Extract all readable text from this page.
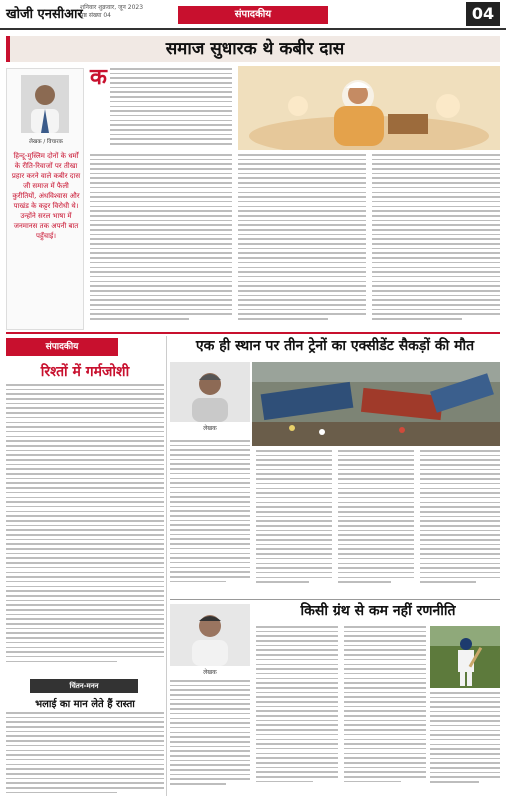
खोजी एनसीआर
शनिवार शुक्रवार, जून 2023
पृष्ठ संख्या 04	संपादकीय	04
समाज सुधारक थे कबीर दास
लेखक / विचारक
हिन्दू-मुस्लिम दोनों के धर्मों के रीति-रिवाजों पर तीखा प्रहार करने वाले कबीर दास जी समाज में फैली कुरीतियों, अंधविश्वास और पाखंड के कट्टर विरोधी थे। उन्होंने सरल भाषा में जनमानस तक अपनी बात पहुँचाई।
क
संपादकीय
रिश्तों में गर्मजोशी
एक ही स्थान पर तीन ट्रेनों का एक्सीडेंट सैकड़ों की मौत
लेखक
किसी ग्रंथ से कम नहीं रणनीति
लेखक
चिंतन-मनन
भलाई का मान लेते हैं रास्ता
